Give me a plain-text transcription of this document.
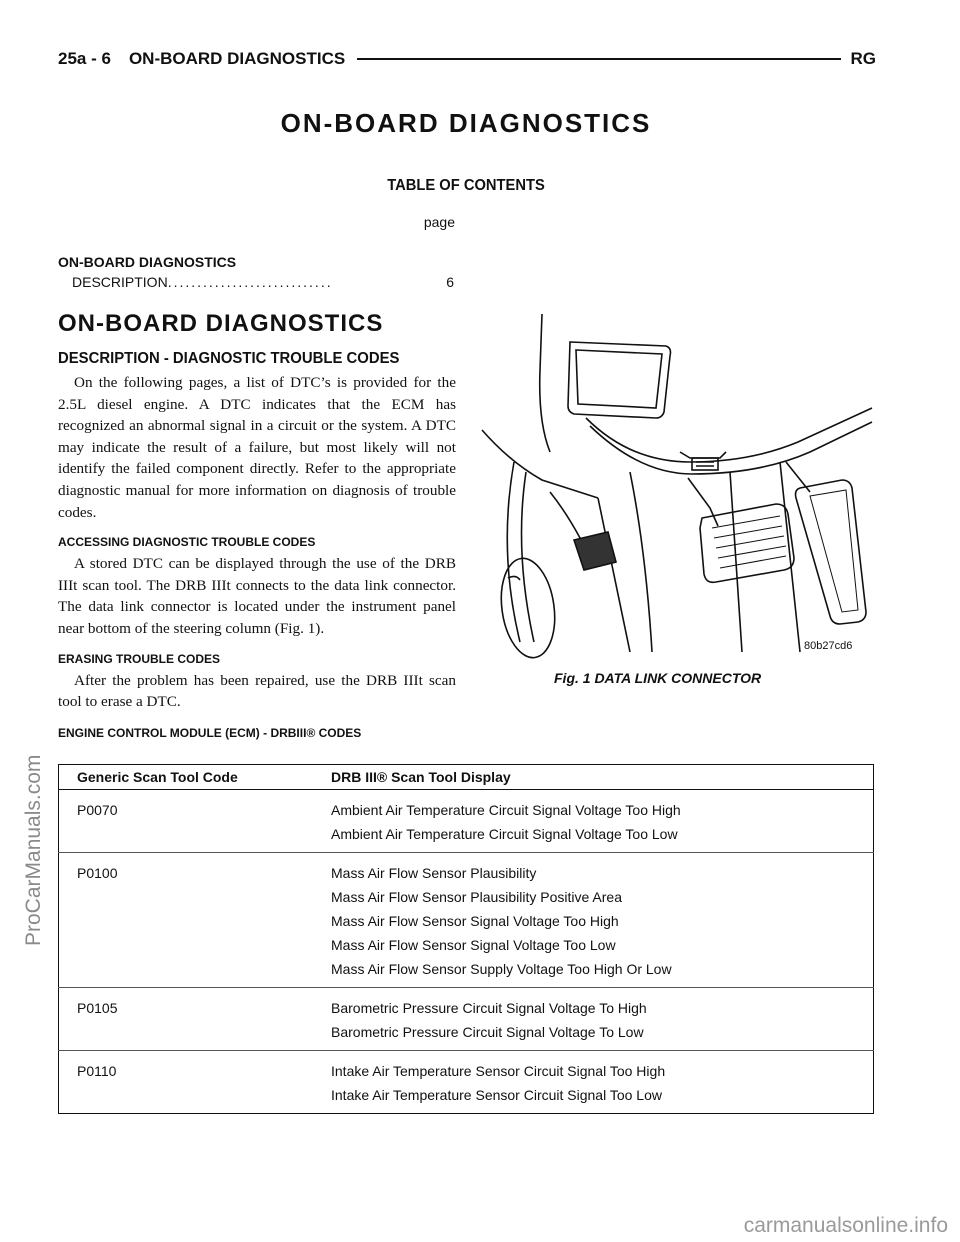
25a - 6 ON-BOARD DIAGNOSTICS	RG
ON-BOARD DIAGNOSTICS
TABLE OF CONTENTS
page
ON-BOARD DIAGNOSTICS
DESCRIPTION ............................	6
ON-BOARD DIAGNOSTICS
DESCRIPTION - DIAGNOSTIC TROUBLE CODES

On the following pages, a list of DTC’s is provided for the 2.5L diesel engine. A DTC indicates that the ECM has recognized an abnormal signal in a circuit or the system. A DTC may indicate the result of a failure, but most likely will not identify the failed component directly. Refer to the appropriate diagnostic manual for more information on diagnosis of trouble codes.

ACCESSING DIAGNOSTIC TROUBLE CODES

A stored DTC can be displayed through the use of the DRB IIIt scan tool. The DRB IIIt connects to the data link connector. The data link connector is located under the instrument panel near bottom of the steering column (Fig. 1).

ERASING TROUBLE CODES

After the problem has been repaired, use the DRB IIIt scan tool to erase a DTC.

80b27cd6
Fig. 1 DATA LINK CONNECTOR
ENGINE CONTROL MODULE (ECM) - DRBIII® CODES
Generic Scan Tool Code	DRB III® Scan Tool Display

P0070	Ambient Air Temperature Circuit Signal Voltage Too High
Ambient Air Temperature Circuit Signal Voltage Too Low

P0100	Mass Air Flow Sensor Plausibility
Mass Air Flow Sensor Plausibility Positive Area
Mass Air Flow Sensor Signal Voltage Too High
Mass Air Flow Sensor Signal Voltage Too Low
Mass Air Flow Sensor Supply Voltage Too High Or Low

P0105	Barometric Pressure Circuit Signal Voltage To High
Barometric Pressure Circuit Signal Voltage To Low

P0110	Intake Air Temperature Sensor Circuit Signal Too High
Intake Air Temperature Sensor Circuit Signal Too Low
ProCarManuals.com
carmanualsonline.info
